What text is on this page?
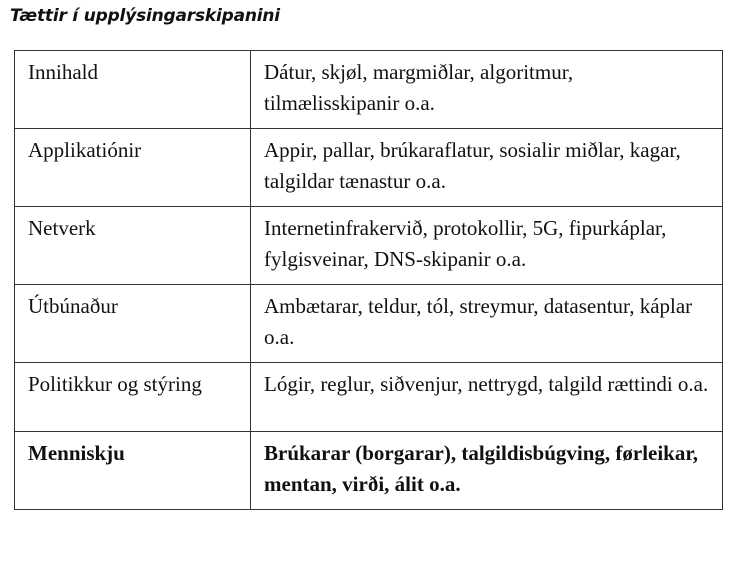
Tættir í upplýsingarskipanini
Innihald	Dátur, skjøl, margmiðlar, algoritmur, tilmælisskipanir o.a.
Applikatiónir	Appir, pallar, brúkaraflatur, sosialir miðlar, kagar, talgildar tænastur o.a.
Netverk	Internetinfrakervið, protokollir, 5G, fipurkáplar, fylgisveinar, DNS-skipanir o.a.
Útbúnaður	Ambætarar, teldur, tól, streymur, datasentur, káplar o.a.
Politikkur og stýring	Lógir, reglur, siðvenjur, nettrygd, talgild rættindi o.a.
Menniskju	Brúkarar (borgarar), talgildisbúgving, førleikar, mentan, virði, álit o.a.
